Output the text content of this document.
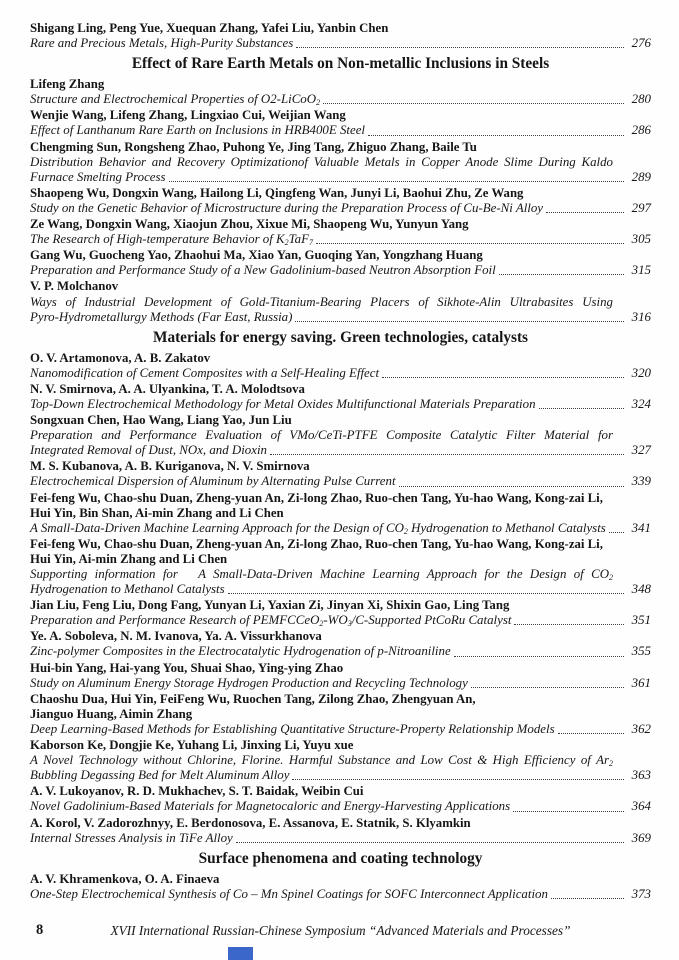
Shigang Ling, Peng Yue, Xuequan Zhang, Yafei Liu, Yanbin Chen
Rare and Precious Metals, High-Purity Substances	276
Effect of Rare Earth Metals on Non-metallic Inclusions in Steels
Lifeng Zhang
Structure and Electrochemical Properties of O2-LiCoO$_2$	280
Wenjie Wang, Lifeng Zhang, Lingxiao Cui, Weijian Wang
Effect of Lanthanum Rare Earth on Inclusions in HRB400E Steel	286
Chengming Sun, Rongsheng Zhao, Puhong Ye, Jing Tang, Zhiguo Zhang, Baile Tu
Distribution Behavior and Recovery Optimizationof Valuable Metals in Copper Anode Slime During Kaldo
Furnace Smelting Process	289
Shaopeng Wu, Dongxin Wang, Hailong Li, Qingfeng Wan, Junyi Li, Baohui Zhu, Ze Wang
Study on the Genetic Behavior of Microstructure during the Preparation Process of Cu-Be-Ni Alloy	297
Ze Wang, Dongxin Wang, Xiaojun Zhou, Xixue Mi, Shaopeng Wu, Yunyun Yang
The Research of High-temperature Behavior of $K_2TaF_7$	305
Gang Wu, Guocheng Yao, Zhaohui Ma, Xiao Yan, Guoqing Yan, Yongzhang Huang
Preparation and Performance Study of a New Gadolinium-based Neutron Absorption Foil	315
V. P. Molchanov
Ways of Industrial Development of Gold-Titanium-Bearing Placers of Sikhote-Alin Ultrabasites Using
Pyro-Hydrometallurgy Methods (Far East, Russia)	316
Materials for energy saving. Green technologies, catalysts
O. V. Artamonova, A. B. Zakatov
Nanomodification of Cement Composites with a Self-Healing Effect	320
N. V. Smirnova, A. A. Ulyankina, T. A. Molodtsova
Top-Down Electrochemical Methodology for Metal Oxides Multifunctional Materials Preparation	324
Songxuan Chen, Hao Wang, Liang Yao, Jun Liu
Preparation and Performance Evaluation of VMo/CeTi-PTFE Composite Catalytic Filter Material for
Integrated Removal of Dust, NOx, and Dioxin	327
M. S. Kubanova, A. B. Kuriganova, N. V. Smirnova
Electrochemical Dispersion of Aluminum by Alternating Pulse Current	339
Fei-feng Wu, Chao-shu Duan, Zheng-yuan An, Zi-long Zhao, Ruo-chen Tang, Yu-hao Wang, Kong-zai Li,
Hui Yin, Bin Shan, Ai-min Zhang and Li Chen
A Small-Data-Driven Machine Learning Approach for the Design of $CO_2$ Hydrogenation to Methanol Catalysts	341
Fei-feng Wu, Chao-shu Duan, Zheng-yuan An, Zi-long Zhao, Ruo-chen Tang, Yu-hao Wang, Kong-zai Li,
Hui Yin, Ai-min Zhang and Li Chen
Supporting information for  A Small-Data-Driven Machine Learning Approach for the Design of $CO_2$
Hydrogenation to Methanol Catalysts	348
Jian Liu, Feng Liu, Dong Fang, Yunyan Li, Yaxian Zi, Jinyan Xi, Shixin Gao, Ling Tang
Preparation and Performance Research of $PEMFCCeO_2-WO_3/C$-Supported PtCoRu Catalyst	351
Ye. A. Soboleva, N. M. Ivanova, Ya. A. Vissurkhanova
Zinc-polymer Composites in the Electrocatalytic Hydrogenation of p-Nitroaniline	355
Hui-bin Yang, Hai-yang You, Shuai Shao, Ying-ying Zhao
Study on Aluminum Energy Storage Hydrogen Production and Recycling Technology	361
Chaoshu Dua, Hui Yin, FeiFeng Wu, Ruochen Tang, Zilong Zhao, Zhengyuan An,
Jianguo Huang, Aimin Zhang
Deep Learning-Based Methods for Establishing Quantitative Structure-Property Relationship Models	362
Kaborson Ke, Dongjie Ke, Yuhang Li, Jinxing Li, Yuyu xue
A Novel Technology without Chlorine, Florine. Harmful Substance and Low Cost & High Efficiency of $Ar_2$
Bubbling Degassing Bed for Melt Aluminum Alloy	363
A. V. Lukoyanov, R. D. Mukhachev, S. T. Baidak, Weibin Cui
Novel Gadolinium-Based Materials for Magnetocaloric and Energy-Harvesting Applications	364
A. Korol, V. Zadorozhnyy, E. Berdonosova, E. Assanova, E. Statnik, S. Klyamkin
Internal Stresses Analysis in TiFe Alloy	369
Surface phenomena and coating technology
A. V. Khramenkova, O. A. Finaeva
One-Step Electrochemical Synthesis of Co – Mn Spinel Coatings for SOFC Interconnect Application	373
8	XVII International Russian-Chinese Symposium “Advanced Materials and Processes”
